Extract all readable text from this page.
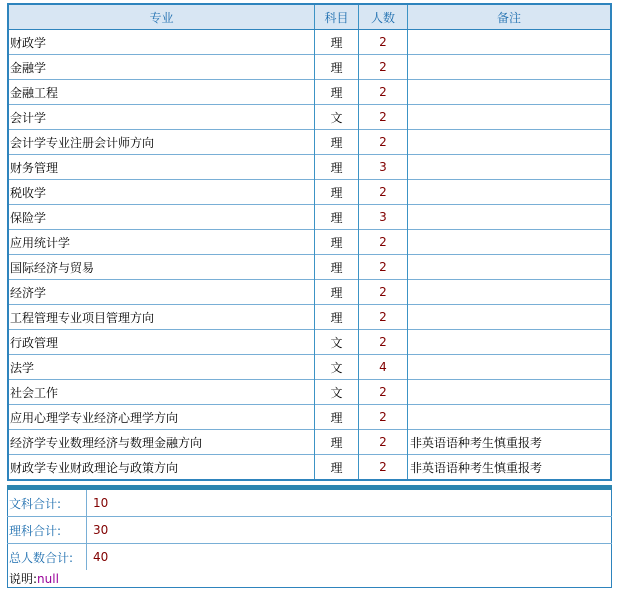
专业	科目	人数	备注
财政学	理	2	
金融学	理	2	
金融工程	理	2	
会计学	文	2	
会计学专业注册会计师方向	理	2	
财务管理	理	3	
税收学	理	2	
保险学	理	3	
应用统计学	理	2	
国际经济与贸易	理	2	
经济学	理	2	
工程管理专业项目管理方向	理	2	
行政管理	文	2	
法学	文	4	
社会工作	文	2	
应用心理学专业经济心理学方向	理	2	
经济学专业数理经济与数理金融方向	理	2	非英语语种考生慎重报考
财政学专业财政理论与政策方向	理	2	非英语语种考生慎重报考
文科合计:	10
理科合计:	30
总人数合计:	40
说明:null	
